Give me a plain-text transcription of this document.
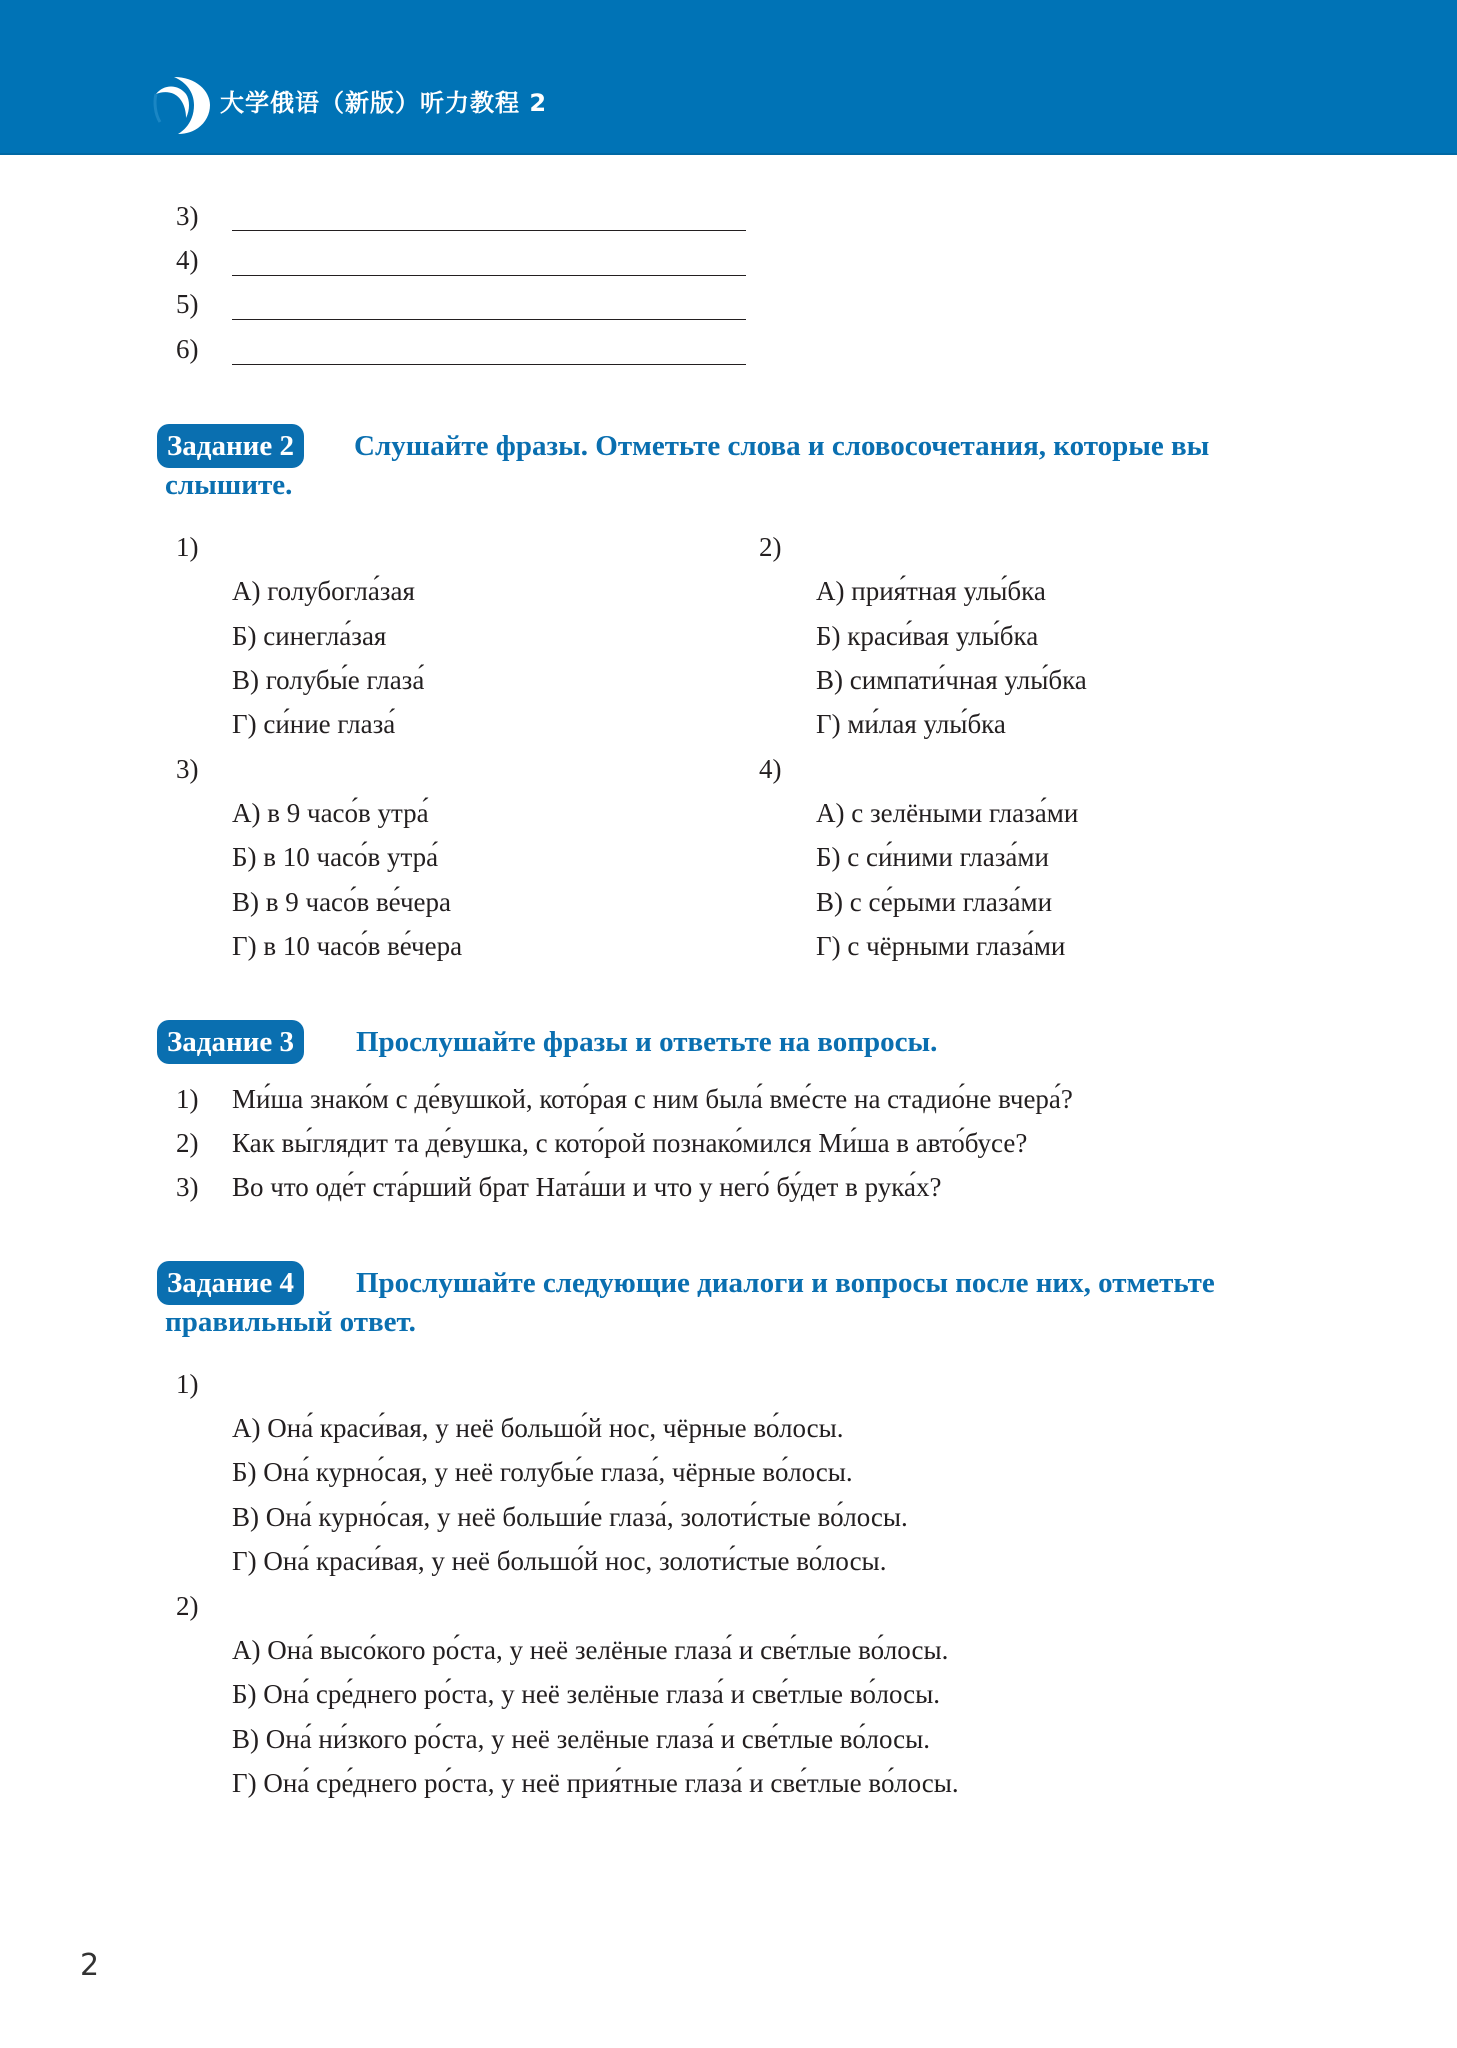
大学俄语（新版）听力教程 2
3)
4)
5)
6)
Задание 2	Слушайте фразы. Отметьте слова и словосочетания, которые вы
слышите.
1)
А) голубогла́зая
Б) синегла́зая
В) голубы́е глаза́
Г) си́ние глаза́
2)
А) прия́тная улы́бка
Б) краси́вая улы́бка
В) симпати́чная улы́бка
Г) ми́лая улы́бка
3)
А) в 9 часо́в утра́
Б) в 10 часо́в утра́
В) в 9 часо́в ве́чера
Г) в 10 часо́в ве́чера
4)
А) с зелёными глаза́ми
Б) с си́ними глаза́ми
В) с се́рыми глаза́ми
Г) с чёрными глаза́ми
Задание 3	Прослушайте фразы и ответьте на вопросы.
1) Ми́ша знако́м с де́вушкой, кото́рая с ним была́ вме́сте на стадио́не вчера́?
2) Как вы́глядит та де́вушка, с кото́рой познако́мился Ми́ша в авто́бусе?
3) Во что оде́т ста́рший брат Ната́ши и что у него́ бу́дет в рука́х?
Задание 4	Прослушайте следующие диалоги и вопросы после них, отметьте
правильный ответ.
1)
А) Она́ краси́вая, у неё большо́й нос, чёрные во́лосы.
Б) Она́ курно́сая, у неё голубы́е глаза́, чёрные во́лосы.
В) Она́ курно́сая, у неё больши́е глаза́, золоти́стые во́лосы.
Г) Она́ краси́вая, у неё большо́й нос, золоти́стые во́лосы.
2)
А) Она́ высо́кого ро́ста, у неё зелёные глаза́ и све́тлые во́лосы.
Б) Она́ сре́днего ро́ста, у неё зелёные глаза́ и све́тлые во́лосы.
В) Она́ ни́зкого ро́ста, у неё зелёные глаза́ и све́тлые во́лосы.
Г) Она́ сре́днего ро́ста, у неё прия́тные глаза́ и све́тлые во́лосы.
2
